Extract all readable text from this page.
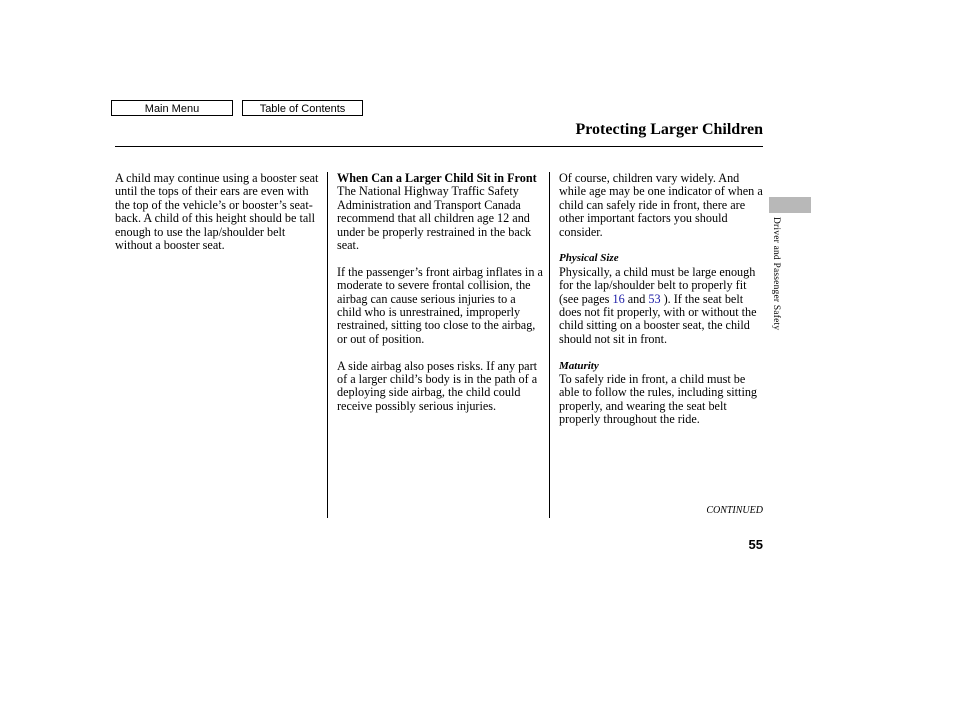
Main Menu	Table of Contents
Protecting Larger Children

A child may continue using a booster seat until the tops of their ears are even with the top of the vehicle’s or booster’s seat-back. A child of this height should be tall enough to use the lap/shoulder belt without a booster seat.

When Can a Larger Child Sit in Front

The National Highway Traffic Safety Administration and Transport Canada recommend that all children age 12 and under be properly restrained in the back seat.

If the passenger’s front airbag inflates in a moderate to severe frontal collision, the airbag can cause serious injuries to a child who is unrestrained, improperly restrained, sitting too close to the airbag, or out of position.

A side airbag also poses risks. If any part of a larger child’s body is in the path of a deploying side airbag, the child could receive possibly serious injuries.

Of course, children vary widely. And while age may be one indicator of when a child can safely ride in front, there are other important factors you should consider.

Physical Size

Physically, a child must be large enough for the lap/shoulder belt to properly fit (see pages 16 and 53 ). If the seat belt does not fit properly, with or without the child sitting on a booster seat, the child should not sit in front.

Maturity

To safely ride in front, a child must be able to follow the rules, including sitting properly, and wearing the seat belt properly throughout the ride.

Driver and Passenger Safety
CONTINUED
55
